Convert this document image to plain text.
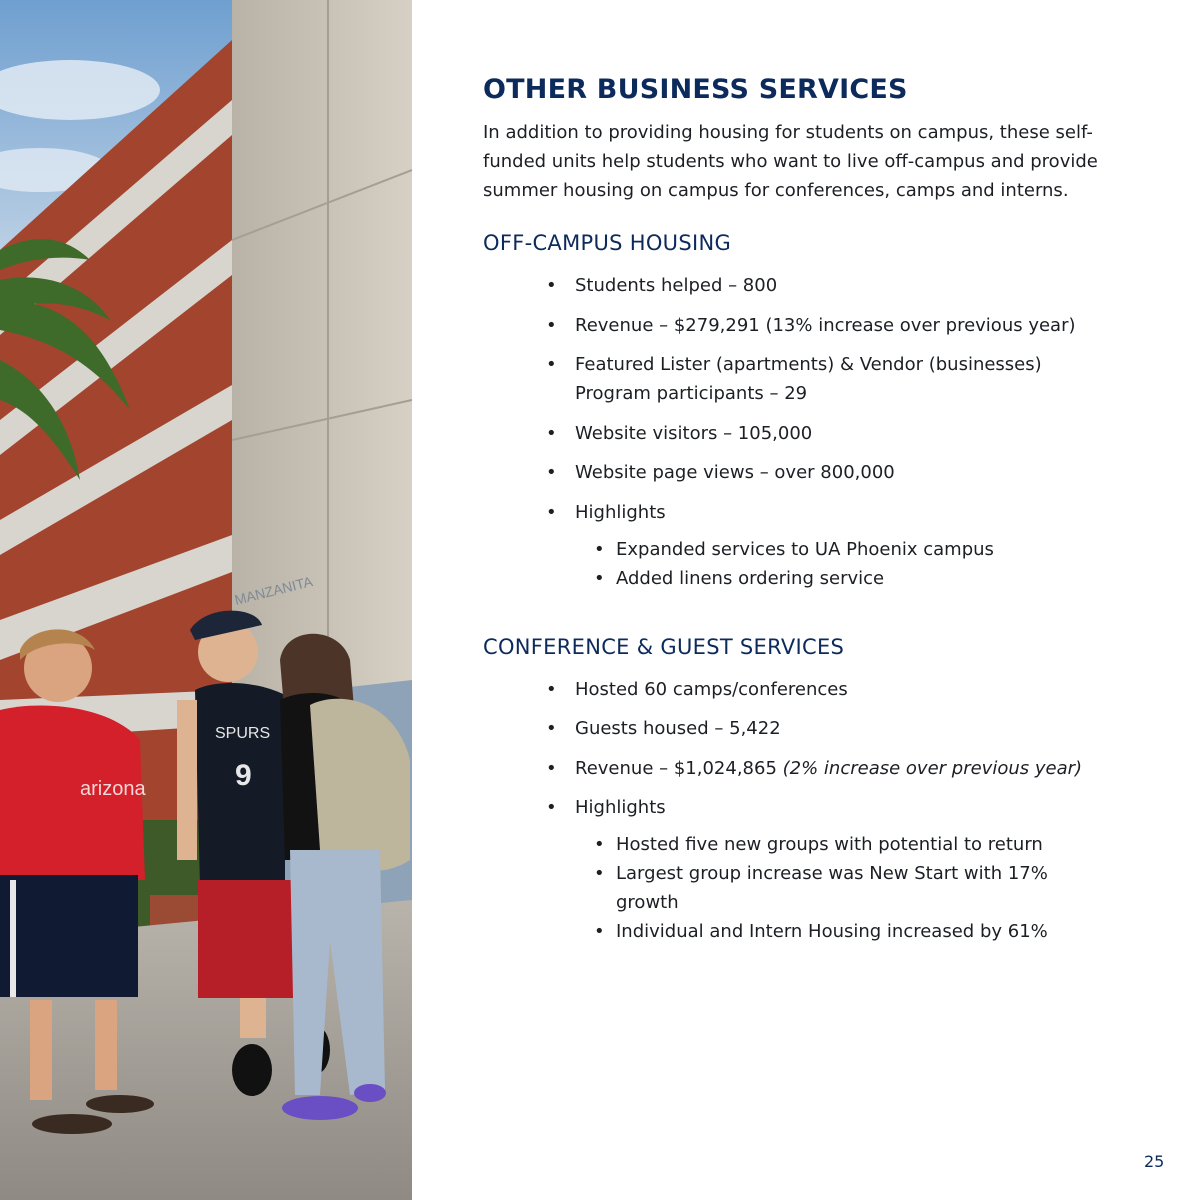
MANZANITA
arizona
SPURS
9
OTHER BUSINESS SERVICES

In addition to providing housing for students on campus, these self-funded units help students who want to live off-campus and provide summer housing on campus for conferences, camps and interns.

OFF-CAMPUS HOUSING
• Students helped – 800
• Revenue – $279,291 (13% increase over previous year)
• Featured Lister (apartments) & Vendor (businesses) Program participants – 29
• Website visitors – 105,000
• Website page views – over 800,000
• Highlights
• Expanded services to UA Phoenix campus
• Added linens ordering service
CONFERENCE & GUEST SERVICES
• Hosted 60 camps/conferences
• Guests housed – 5,422
• Revenue – $1,024,865 (2% increase over previous year)
• Highlights
• Hosted five new groups with potential to return
• Largest group increase was New Start with 17% growth
• Individual and Intern Housing increased by 61%
25
